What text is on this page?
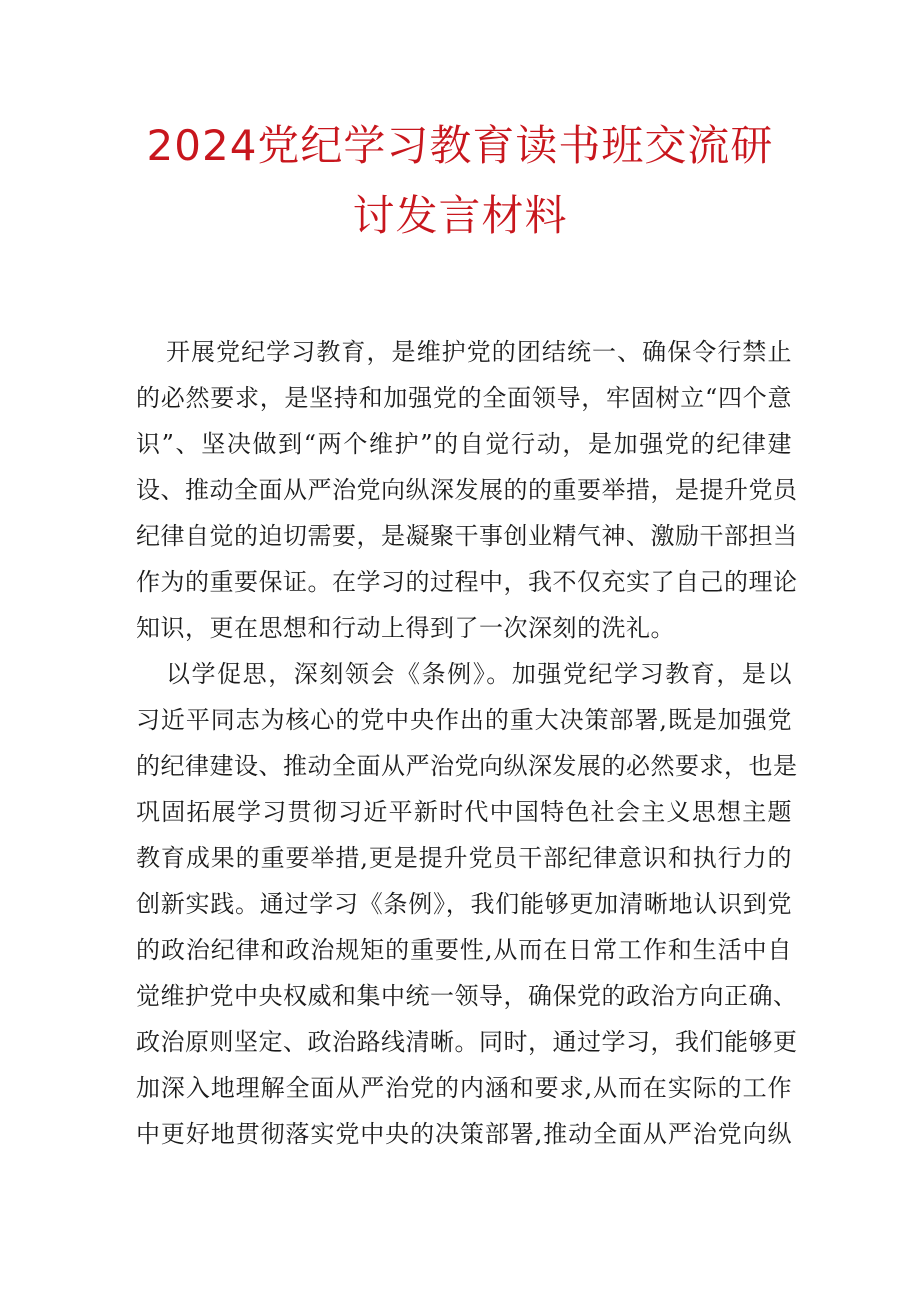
2024党纪学习教育读书班交流研
讨发言材料
开展党纪学习教育，是维护党的团结统一、确保令行禁止
的必然要求，是坚持和加强党的全面领导，牢固树立“四个意
识”、坚决做到“两个维护”的自觉行动，是加强党的纪律建
设、推动全面从严治党向纵深发展的的重要举措，是提升党员
纪律自觉的迫切需要，是凝聚干事创业精气神、激励干部担当
作为的重要保证。在学习的过程中，我不仅充实了自己的理论
知识，更在思想和行动上得到了一次深刻的洗礼。
以学促思，深刻领会《条例》。加强党纪学习教育，是以
习近平同志为核心的党中央作出的重大决策部署,既是加强党
的纪律建设、推动全面从严治党向纵深发展的必然要求，也是
巩固拓展学习贯彻习近平新时代中国特色社会主义思想主题
教育成果的重要举措,更是提升党员干部纪律意识和执行力的
创新实践。通过学习《条例》，我们能够更加清晰地认识到党
的政治纪律和政治规矩的重要性,从而在日常工作和生活中自
觉维护党中央权威和集中统一领导，确保党的政治方向正确、
政治原则坚定、政治路线清晰。同时，通过学习，我们能够更
加深入地理解全面从严治党的内涵和要求,从而在实际的工作
中更好地贯彻落实党中央的决策部署,推动全面从严治党向纵
